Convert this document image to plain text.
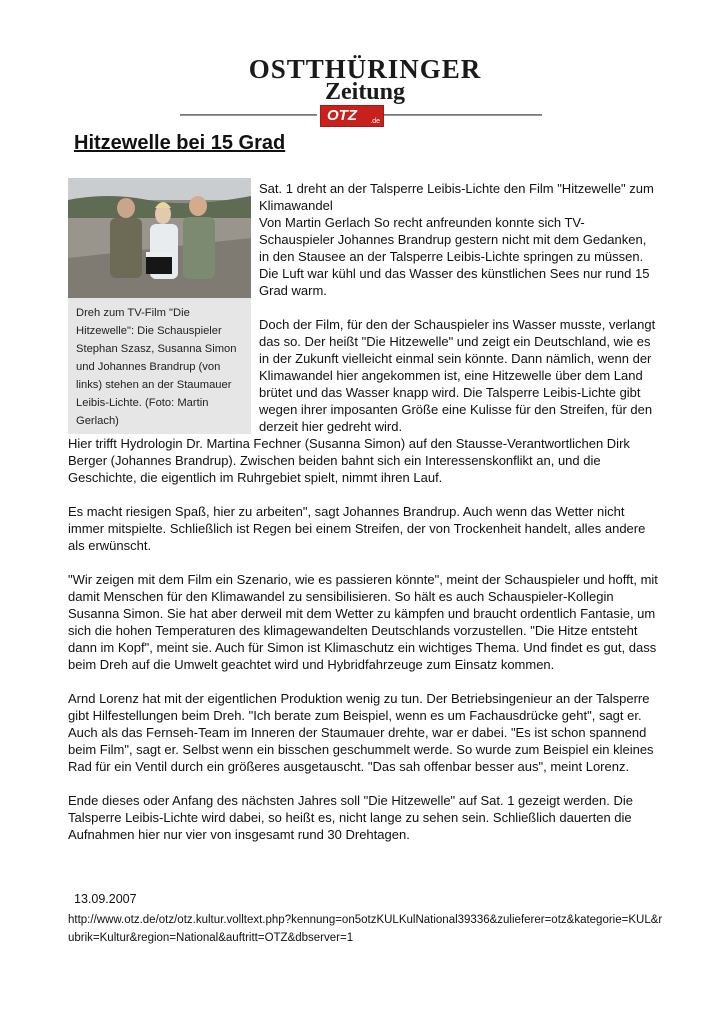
OSTTHÜRINGER
Zeitung
OTZ .de
Hitzewelle bei 15 Grad
Dreh zum TV-Film "Die Hitzewelle": Die Schauspieler Stephan Szasz, Susanna Simon und Johannes Brandrup (von links) stehen an der Staumauer Leibis-Lichte. (Foto: Martin Gerlach)

Sat. 1 dreht an der Talsperre Leibis-Lichte den Film "Hitzewelle" zum Klimawandel

Von Martin Gerlach So recht anfreunden konnte sich TV-Schauspieler Johannes Brandrup gestern nicht mit dem Gedanken, in den Stausee an der Talsperre Leibis-Lichte springen zu müssen. Die Luft war kühl und das Wasser des künstlichen Sees nur rund 15 Grad warm.

Doch der Film, für den der Schauspieler ins Wasser musste, verlangt das so. Der heißt "Die Hitzewelle" und zeigt ein Deutschland, wie es in der Zukunft vielleicht einmal sein könnte. Dann nämlich, wenn der Klimawandel hier angekommen ist, eine Hitzewelle über dem Land brütet und das Wasser knapp wird. Die Talsperre Leibis-Lichte gibt wegen ihrer imposanten Größe eine Kulisse für den Streifen, für den derzeit hier gedreht wird.

Hier trifft Hydrologin Dr. Martina Fechner (Susanna Simon) auf den Stausse-Verantwortlichen Dirk Berger (Johannes Brandrup). Zwischen beiden bahnt sich ein Interessenskonflikt an, und die Geschichte, die eigentlich im Ruhrgebiet spielt, nimmt ihren Lauf.

Es macht riesigen Spaß, hier zu arbeiten", sagt Johannes Brandrup. Auch wenn das Wetter nicht immer mitspielte. Schließlich ist Regen bei einem Streifen, der von Trockenheit handelt, alles andere als erwünscht.

"Wir zeigen mit dem Film ein Szenario, wie es passieren könnte", meint der Schauspieler und hofft, mit damit Menschen für den Klimawandel zu sensibilisieren. So hält es auch Schauspieler-Kollegin Susanna Simon. Sie hat aber derweil mit dem Wetter zu kämpfen und braucht ordentlich Fantasie, um sich die hohen Temperaturen des klimagewandelten Deutschlands vorzustellen. "Die Hitze entsteht dann im Kopf", meint sie. Auch für Simon ist Klimaschutz ein wichtiges Thema. Und findet es gut, dass beim Dreh auf die Umwelt geachtet wird und Hybridfahrzeuge zum Einsatz kommen.

Arnd Lorenz hat mit der eigentlichen Produktion wenig zu tun. Der Betriebsingenieur an der Talsperre gibt Hilfestellungen beim Dreh. "Ich berate zum Beispiel, wenn es um Fachausdrücke geht", sagt er. Auch als das Fernseh-Team im Inneren der Staumauer drehte, war er dabei. "Es ist schon spannend beim Film", sagt er. Selbst wenn ein bisschen geschummelt werde. So wurde zum Beispiel ein kleines Rad für ein Ventil durch ein größeres ausgetauscht. "Das sah offenbar besser aus", meint Lorenz.

Ende dieses oder Anfang des nächsten Jahres soll "Die Hitzewelle" auf Sat. 1 gezeigt werden. Die Talsperre Leibis-Lichte wird dabei, so heißt es, nicht lange zu sehen sein. Schließlich dauerten die Aufnahmen hier nur vier von insgesamt rund 30 Drehtagen.

13.09.2007
http://www.otz.de/otz/otz.kultur.volltext.php?kennung=on5otzKULKulNational39336&zulieferer=otz&kategorie=KUL&rubrik=Kultur&region=National&auftritt=OTZ&dbserver=1
